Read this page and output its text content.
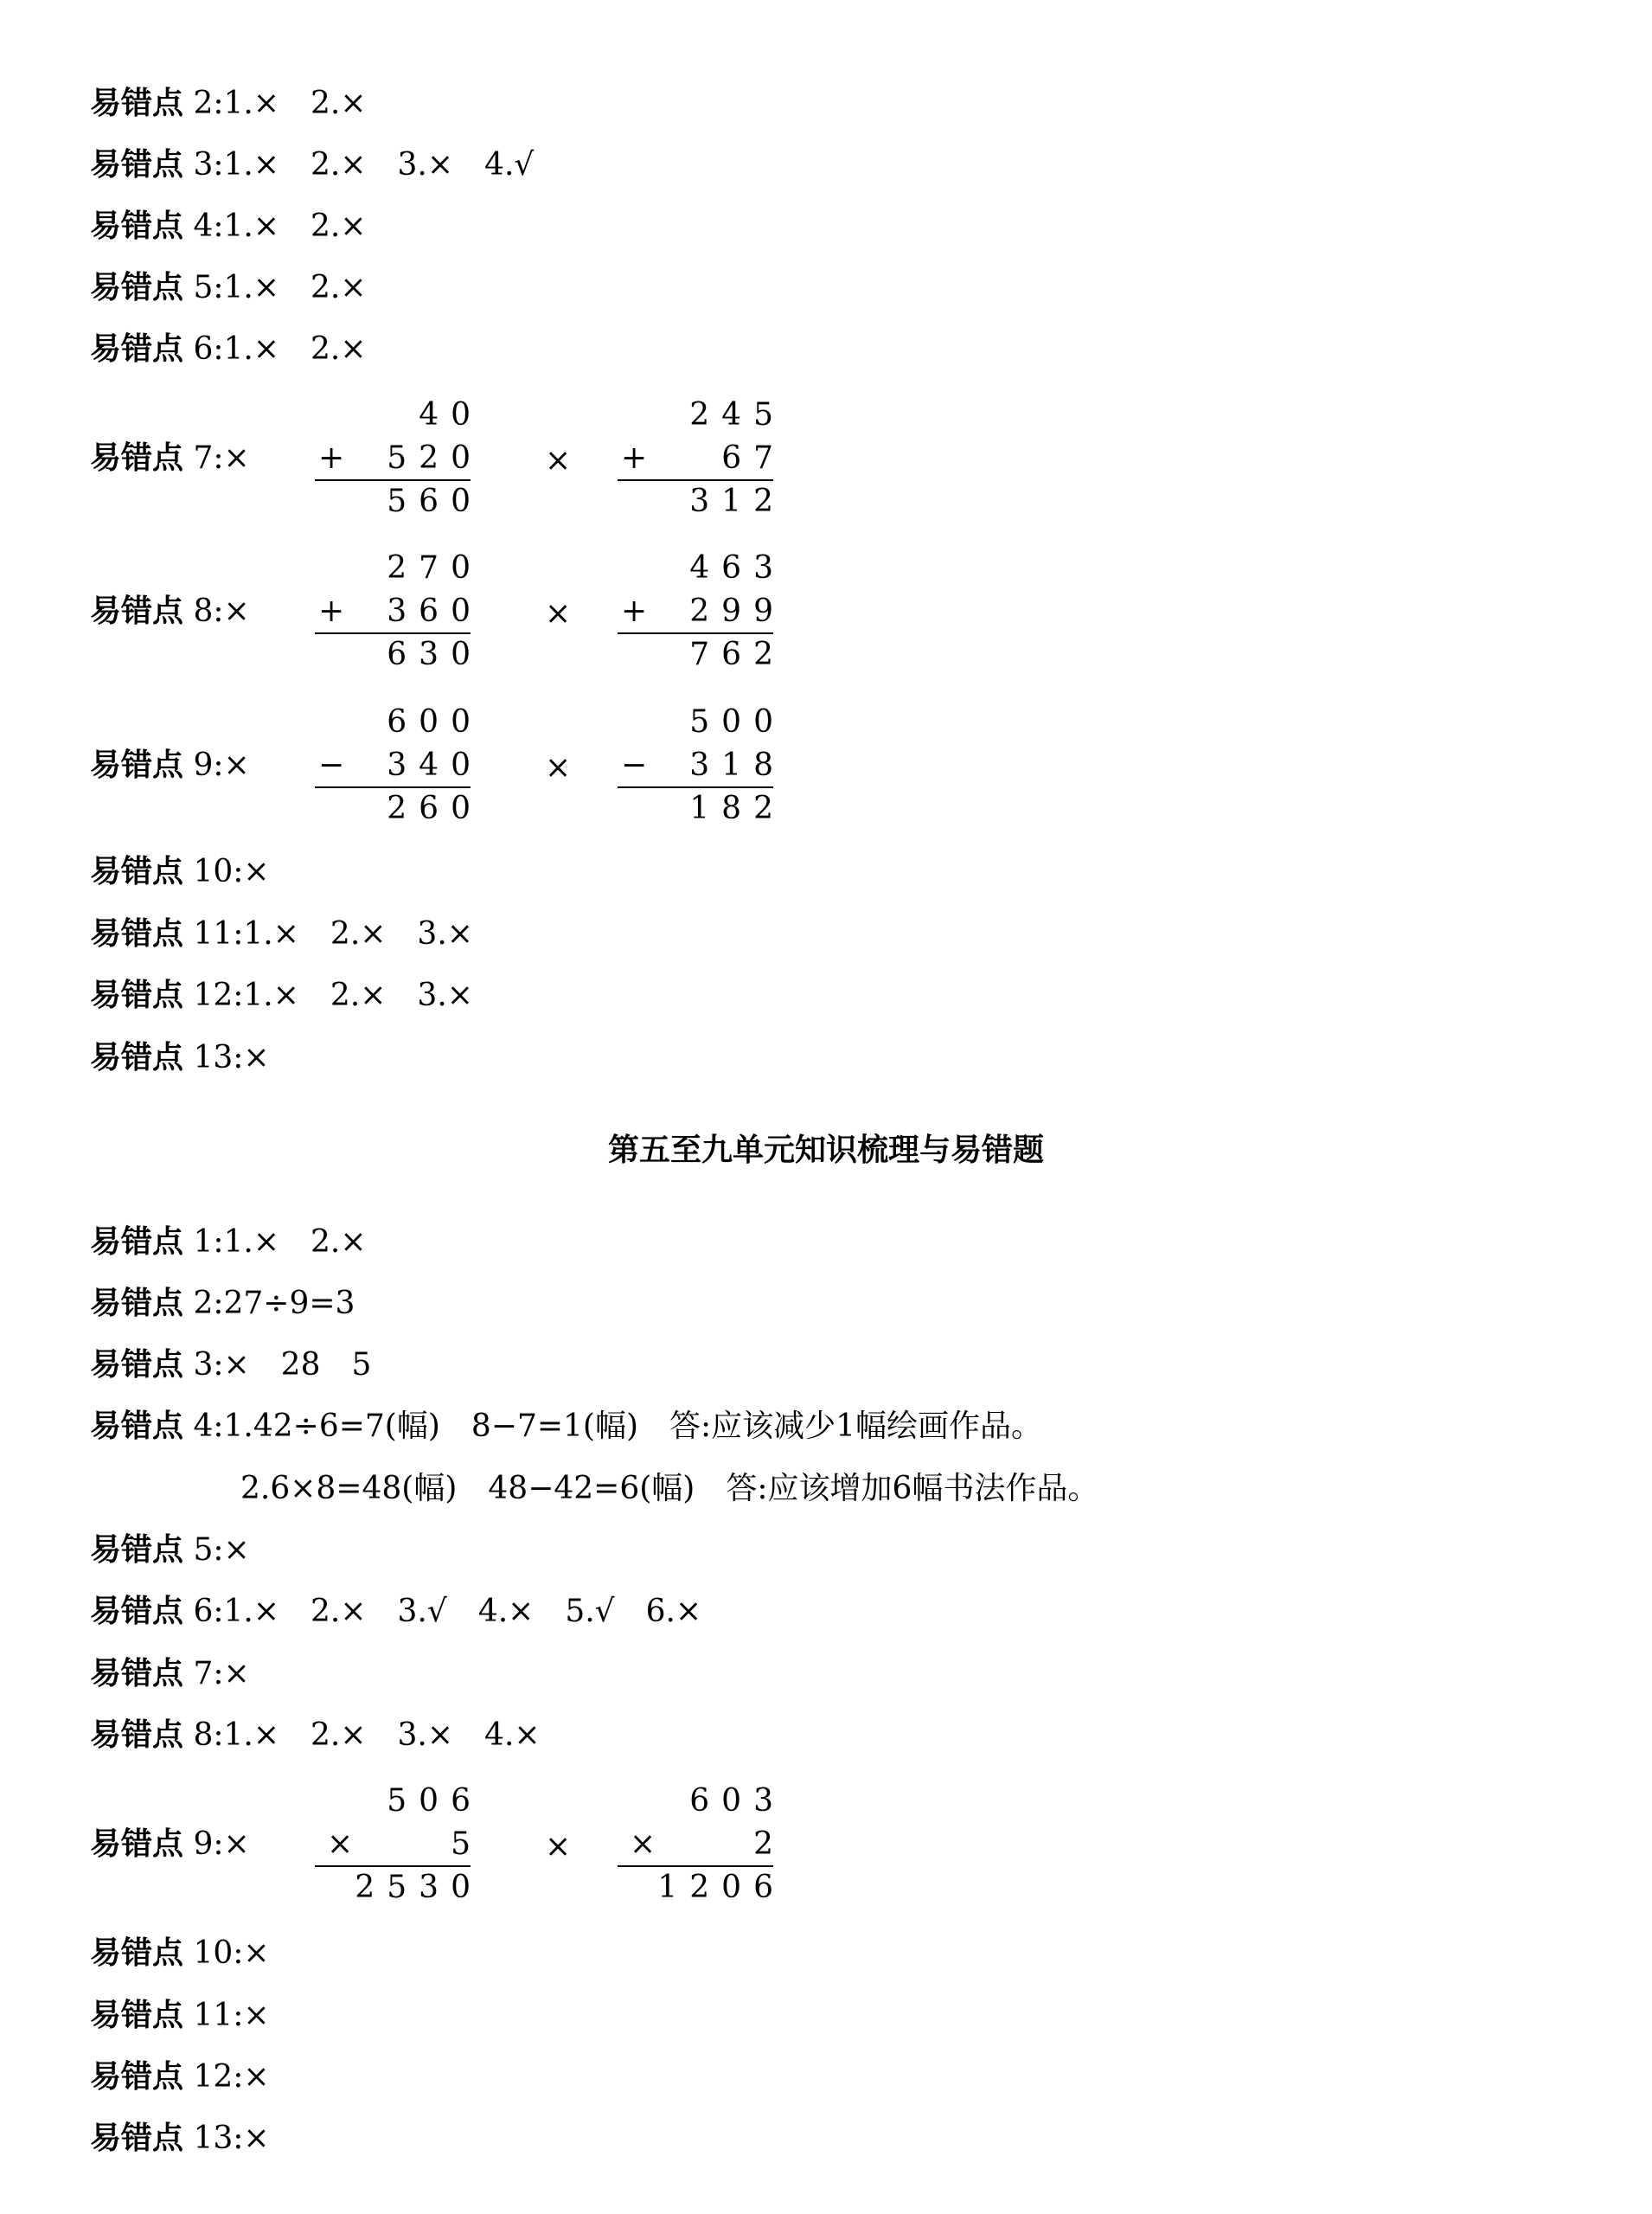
易错点 2:1.×　2.×
易错点 3:1.×　2.×　3.×　4.√
易错点 4:1.×　2.×
易错点 5:1.×　2.×
易错点 6:1.×　2.×
易错点 7:×
40
+ 520
560
×
245
+ 67
312
易错点 8:×
270
+ 360
630
×
463
+ 299
762
易错点 9:×
600
− 340
260
×
500
− 318
182
易错点 10:×
易错点 11:1.×　2.×　3.×
易错点 12:1.×　2.×　3.×
易错点 13:×
第五至九单元知识梳理与易错题
易错点 1:1.×　2.×
易错点 2:27÷9=3
易错点 3:×　28　5
易错点 4:1.42÷6=7(幅)　8−7=1(幅)　答:应该减少1幅绘画作品。
2.6×8=48(幅)　48−42=6(幅)　答:应该增加6幅书法作品。
易错点 5:×
易错点 6:1.×　2.×　3.√　4.×　5.√　6.×
易错点 7:×
易错点 8:1.×　2.×　3.×　4.×
易错点 9:×
506
×	5
2530
×
603
×	2
1206
易错点 10:×
易错点 11:×
易错点 12:×
易错点 13:×
